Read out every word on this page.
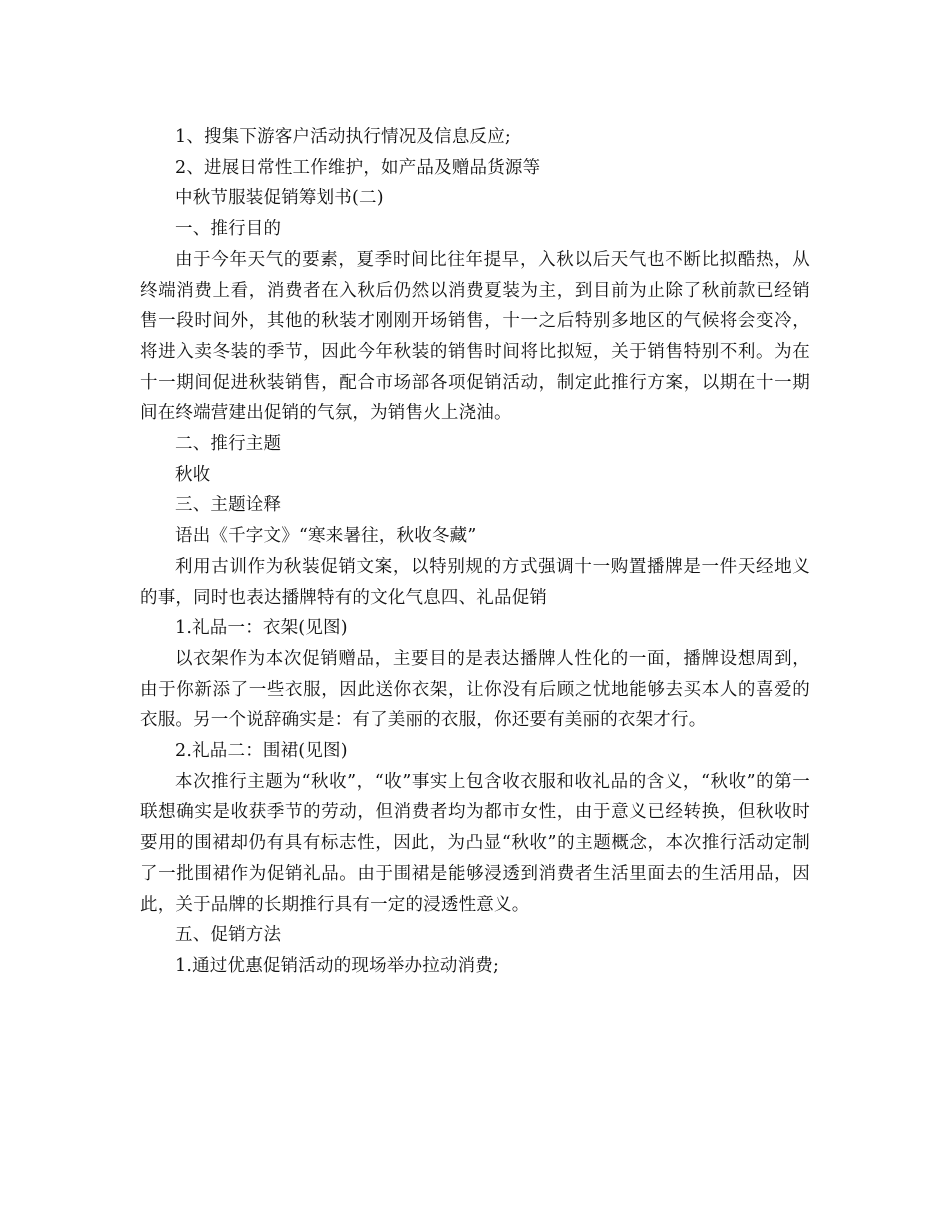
1、搜集下游客户活动执行情况及信息反应;

2、进展日常性工作维护，如产品及赠品货源等

中秋节服装促销筹划书(二)

一、推行目的

由于今年天气的要素，夏季时间比往年提早，入秋以后天气也不断比拟酷热，从终端消费上看，消费者在入秋后仍然以消费夏装为主，到目前为止除了秋前款已经销售一段时间外，其他的秋装才刚刚开场销售，十一之后特别多地区的气候将会变冷，将进入卖冬装的季节，因此今年秋装的销售时间将比拟短，关于销售特别不利。为在十一期间促进秋装销售，配合市场部各项促销活动，制定此推行方案，以期在十一期间在终端营建出促销的气氛，为销售火上浇油。

二、推行主题

秋收

三、主题诠释

语出《千字文》“寒来暑往，秋收冬藏”

利用古训作为秋装促销文案，以特别规的方式强调十一购置播牌是一件天经地义的事，同时也表达播牌特有的文化气息四、礼品促销

1.礼品一：衣架(见图)

以衣架作为本次促销赠品，主要目的是表达播牌人性化的一面，播牌设想周到，由于你新添了一些衣服，因此送你衣架，让你没有后顾之忧地能够去买本人的喜爱的衣服。另一个说辞确实是：有了美丽的衣服，你还要有美丽的衣架才行。

2.礼品二：围裙(见图)

本次推行主题为“秋收”，“收”事实上包含收衣服和收礼品的含义，“秋收”的第一联想确实是收获季节的劳动，但消费者均为都市女性，由于意义已经转换，但秋收时要用的围裙却仍有具有标志性，因此，为凸显“秋收”的主题概念，本次推行活动定制了一批围裙作为促销礼品。由于围裙是能够浸透到消费者生活里面去的生活用品，因此，关于品牌的长期推行具有一定的浸透性意义。

五、促销方法

1.通过优惠促销活动的现场举办拉动消费;
